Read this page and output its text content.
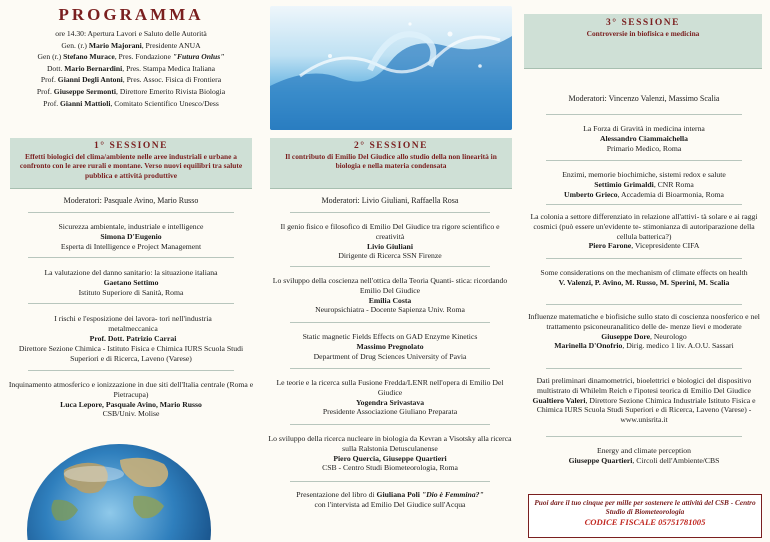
PROGRAMMA
ore 14.30: Apertura Lavori e Saluto delle Autorità
Gen. (r.) Mario Majorani, Presidente ANUA
Gen (r.) Stefano Murace, Pres. Fondazione "Futura Onlus"
Dott. Mario Bernardini, Pres. Stampa Medica Italiana
Prof. Gianni Degli Antoni, Pres. Assoc. Fisica di Frontiera
Prof. Giuseppe Sermonti, Direttore Emerito Rivista Biologia
Prof. Gianni Mattioli, Comitato Scientifico Unesco/Dess
1° SESSIONE
Effetti biologici del clima/ambiente nelle aree industriali e urbane a confronto con le aree rurali e montane. Verso nuovi equilibri tra salute pubblica e attività produttive
Moderatori: Pasquale Avino, Mario Russo
Sicurezza ambientale, industriale e intelligence
Simona D'Eugenio
Esperta di Intelligence e Project Management
La valutazione del danno sanitario: la situazione italiana
Gaetano Settimo
Istituto Superiore di Sanità, Roma
I rischi e l'esposizione dei lavora- tori nell'industria metalmeccanica
Prof. Dott. Patrizio Carrai
Direttore Sezione Chimica - Istituto Fisica e Chimica IURS Scuola Studi Superiori e di Ricerca, Laveno (Varese)
Inquinamento atmosferico e ionizzazione in due siti dell'Italia centrale (Roma e Pietracupa)
Luca Lepore, Pasquale Avino, Mario Russo
CSB/Univ. Molise
2° SESSIONE
Il contributo di Emilio Del Giudice allo studio della non linearità in biologia e nella materia condensata
Moderatori: Livio Giuliani, Raffaella Rosa
Il genio fisico e filosofico di Emilio Del Giudice tra rigore scientifico e creatività
Livio Giuliani
Dirigente di Ricerca SSN Firenze
Lo sviluppo della coscienza nell'ottica della Teoria Quanti- stica: ricordando Emilio Del Giudice
Emilia Costa
Neuropsichiatra - Docente Sapienza Univ. Roma
Static magnetic Fields Effects on GAD Enzyme Kinetics
Massimo Pregnolato
Department of Drug Sciences University of Pavia
Le teorie e la ricerca sulla Fusione Fredda/LENR nell'opera di Emilio Del Giudice
Yogendra Srivastava
Presidente Associazione Giuliano Preparata
Lo sviluppo della ricerca nucleare in biologia da Kevran a Visotsky alla ricerca sulla Ralstonia Detusculanense
Piero Quercia, Giuseppe Quartieri
CSB - Centro Studi Biometeorologia, Roma
Presentazione del libro di Giuliana Poli "Dio è Femmina?"
con l'intervista ad Emilio Del Giudice sull'Acqua
3° SESSIONE
Controversie in biofisica e medicina
Moderatori: Vincenzo Valenzi, Massimo Scalia
La Forza di Gravità in medicina interna
Alessandro Ciammaichella
Primario Medico, Roma
Enzimi, memorie biochimiche, sistemi redox e salute
Settimio Grimaldi, CNR Roma
Umberto Grieco, Accademia di Bioarmonia, Roma
La colonia a settore differenziato in relazione all'attivi- tà solare e ai raggi cosmici (può essere un'evidente te- stimonianza di autoriparazione della cellula batterica?)
Piero Farone, Vicepresidente CIFA
Some considerations on the mechanism of climate effects on health
V. Valenzi, P. Avino, M. Russo, M. Sperini, M. Scalia
Influenze matematiche e biofisiche sullo stato di coscienza noosferico e nel trattamento psiconeuranalitico delle de- menze lievi e moderate
Giuseppe Dore, Neurologo
Marinella D'Onofrio, Dirig. medico 1 liv. A.O.U. Sassari
Dati preliminari dinamometrici, bioelettrici e biologici del dispositivo multistrato di Whilelm Reich e l'ipotesi teorica di Emilio Del Giudice
Gualtiero Valeri, Direttore Sezione Chimica Industriale Istituto Fisica e Chimica IURS Scuola Studi Superiori e di Ricerca, Laveno (Varese) - www.unisrita.it
Energy and climate perception
Giuseppe Quartieri, Circoli dell'Ambiente/CBS
Puoi dare il tuo cinque per mille per sostenere le attività del CSB - Centro Studio di Biometeorologia
CODICE FISCALE 05751781005
